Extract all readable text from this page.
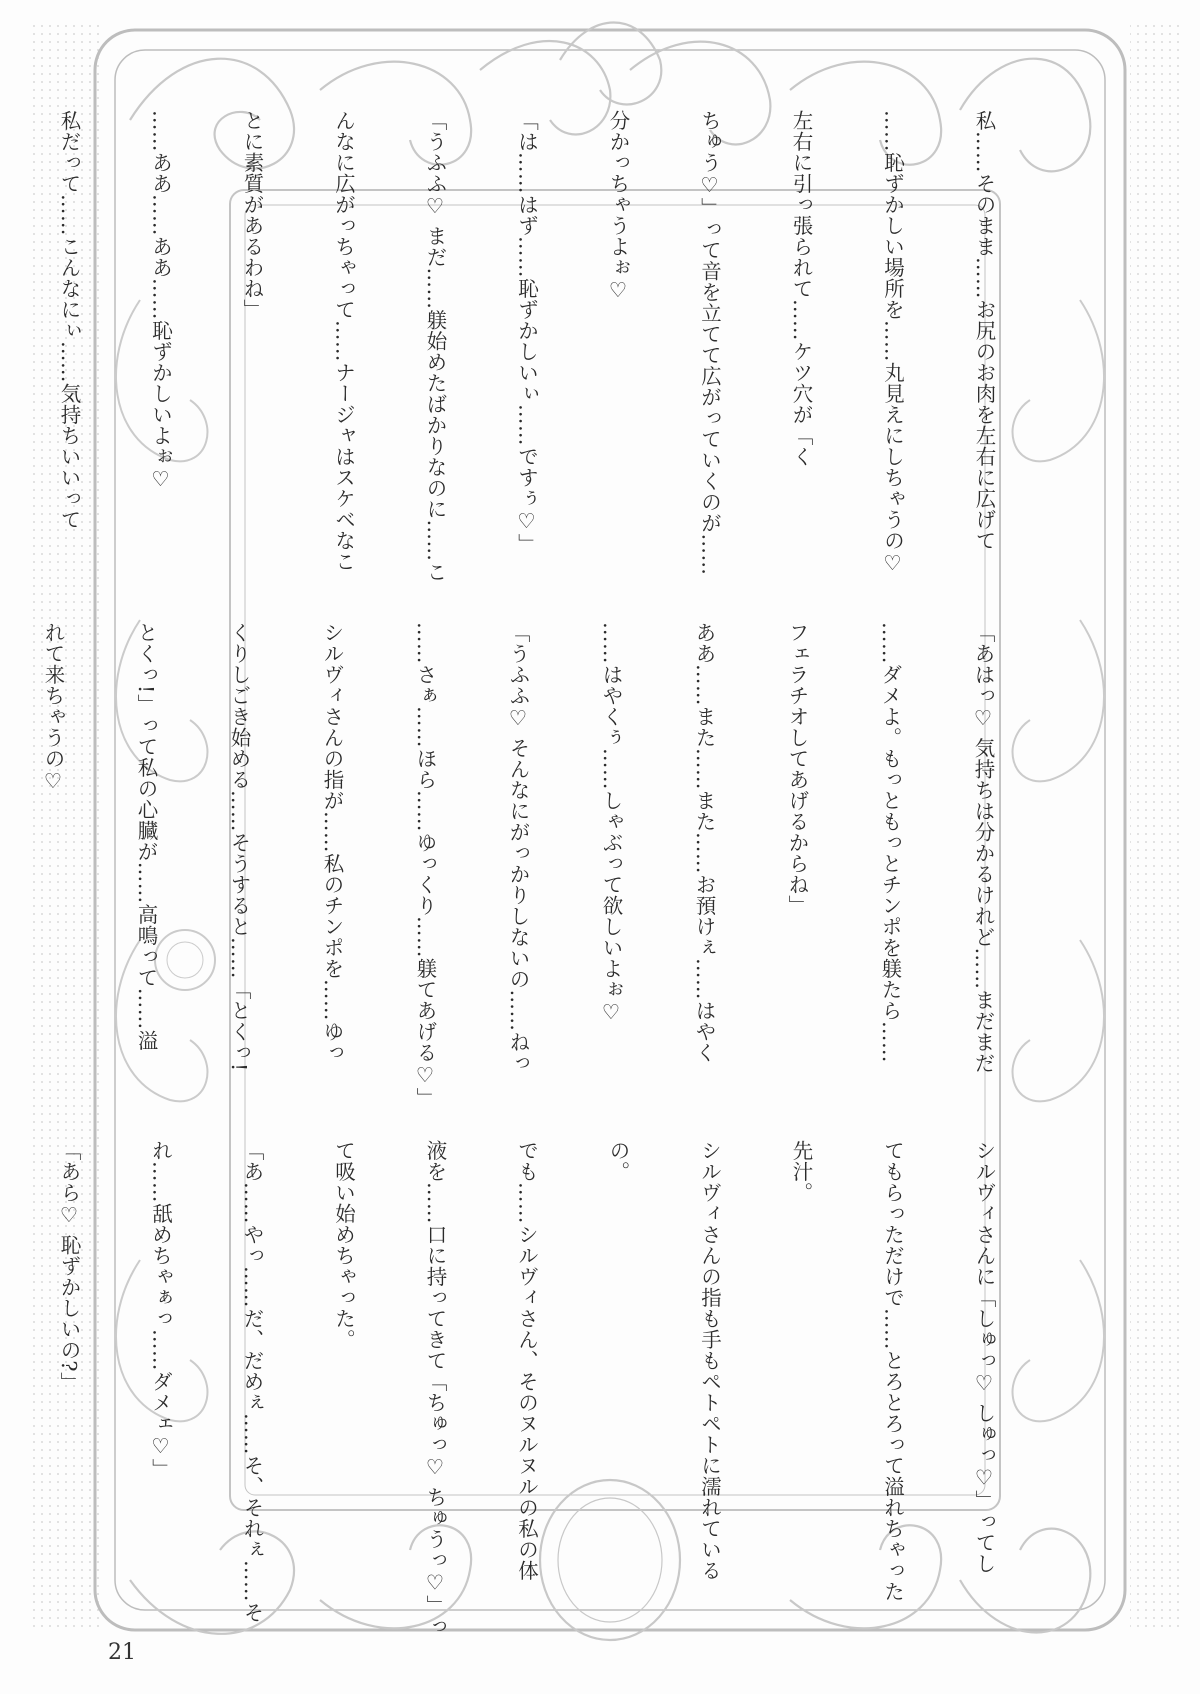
私……そのまま……お尻のお肉を左右に広げて

……恥ずかしい場所を……丸見えにしちゃうの♡

左右に引っ張られて……ケツ穴が「く

ちゅう♡」って音を立てて広がっていくのが……

分かっちゃうよぉ♡

「は……はず……恥ずかしいぃ……ですぅ♡」

「うふふ♡ まだ……躾始めたばかりなのに……こ

んなに広がっちゃって……ナージャはスケベなこ

とに素質があるわね」

……ああ……ああ……恥ずかしいよぉ♡

私だって……こんなにぃ……気持ちいいって

「あはっ♡ 気持ちは分かるけれど……まだまだ

……ダメよ。もっともっとチンポを躾たら……

フェラチオしてあげるからね」

ああ……また……また……お預けぇ……はやく

……はやくぅ……しゃぶって欲しいよぉ♡

「うふふ♡ そんなにがっかりしないの……ねっ

……さぁ……ほら……ゆっくり……躾てあげる♡」

シルヴィさんの指が……私のチンポを……ゆっ

くりしごき始める……そうすると……「とくっ!

とくっ!」って私の心臓が……高鳴って……溢

れて来ちゃうの♡

シルヴィさんに「しゅっ♡ しゅっ♡」ってし

てもらっただけで……とろとろって溢れちゃった

先汁。

シルヴィさんの指も手もペトペトに濡れている

の。

でも……シルヴィさん、そのヌルヌルの私の体

液を……口に持ってきて「ちゅっ♡ ちゅうっ♡」っ

て吸い始めちゃった。

「あ……やっ……だ、だめぇ……そ、それぇ……そ

れ……舐めちゃぁっ……ダメェ♡」

「あら♡ 恥ずかしいの?」

21
